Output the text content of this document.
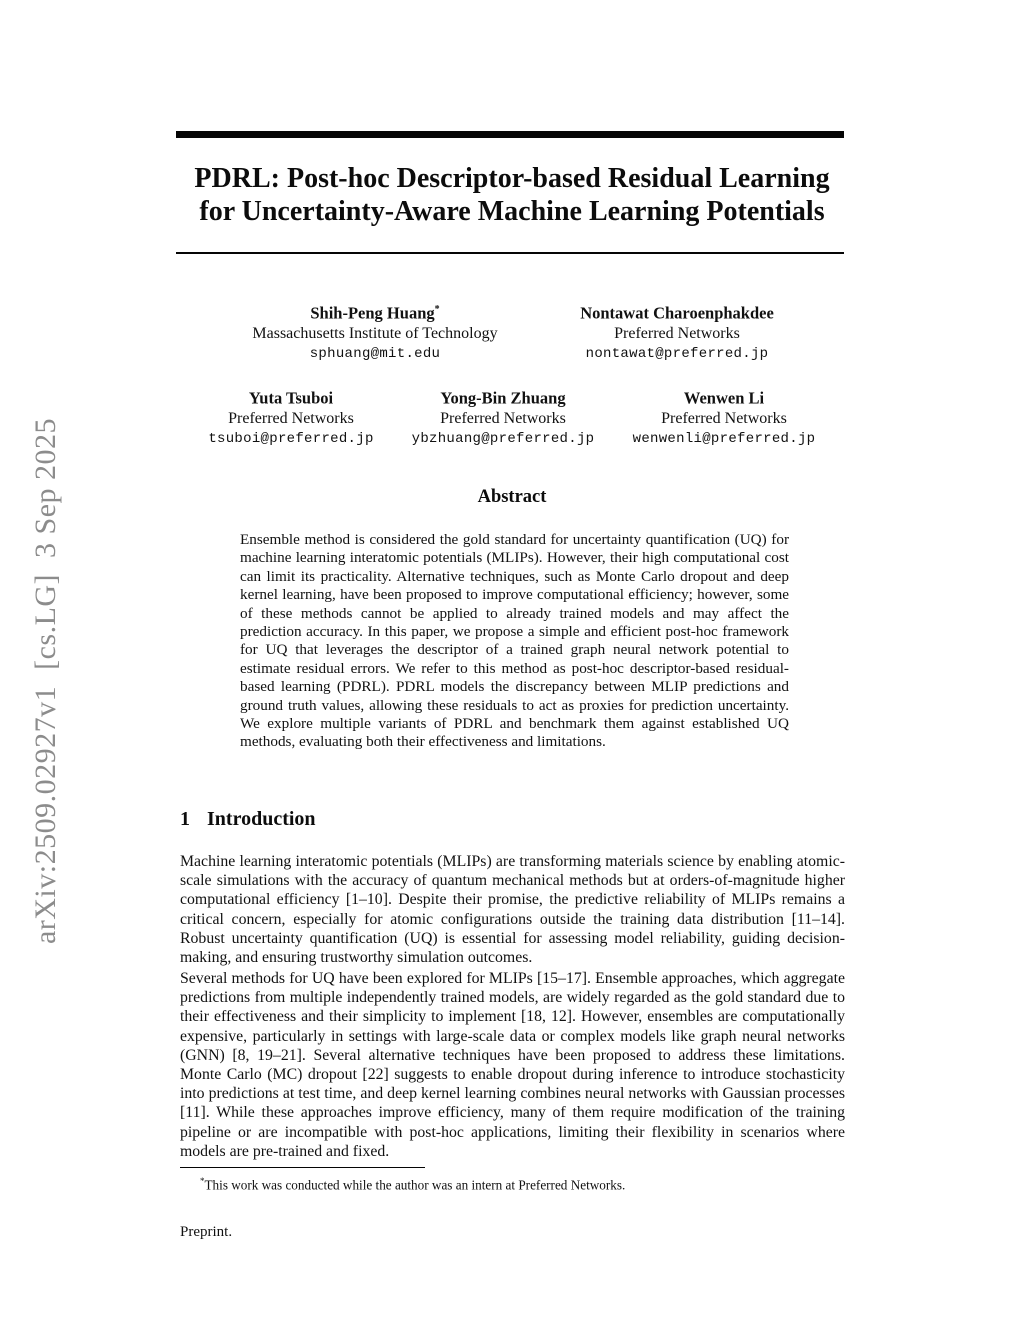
arXiv:2509.02927v1  [cs.LG]  3 Sep 2025
PDRL: Post-hoc Descriptor-based Residual Learning
for Uncertainty-Aware Machine Learning Potentials
Shih-Peng Huang*
Massachusetts Institute of Technology
sphuang@mit.edu
Nontawat Charoenphakdee
Preferred Networks
nontawat@preferred.jp
Yuta Tsuboi
Preferred Networks
tsuboi@preferred.jp
Yong-Bin Zhuang
Preferred Networks
ybzhuang@preferred.jp
Wenwen Li
Preferred Networks
wenwenli@preferred.jp
Abstract

Ensemble method is considered the gold standard for uncertainty quantification (UQ) for machine learning interatomic potentials (MLIPs). However, their high computational cost can limit its practicality. Alternative techniques, such as Monte Carlo dropout and deep kernel learning, have been proposed to improve computational efficiency; however, some of these methods cannot be applied to already trained models and may affect the prediction accuracy. In this paper, we propose a simple and efficient post-hoc framework for UQ that leverages the descriptor of a trained graph neural network potential to estimate residual errors. We refer to this method as post-hoc descriptor-based residual-based learning (PDRL). PDRL models the discrepancy between MLIP predictions and ground truth values, allowing these residuals to act as proxies for prediction uncertainty. We explore multiple variants of PDRL and benchmark them against established UQ methods, evaluating both their effectiveness and limitations.

1 Introduction

Machine learning interatomic potentials (MLIPs) are transforming materials science by enabling atomic-scale simulations with the accuracy of quantum mechanical methods but at orders-of-magnitude higher computational efficiency [1–10]. Despite their promise, the predictive reliability of MLIPs remains a critical concern, especially for atomic configurations outside the training data distribution [11–14]. Robust uncertainty quantification (UQ) is essential for assessing model reliability, guiding decision-making, and ensuring trustworthy simulation outcomes.

Several methods for UQ have been explored for MLIPs [15–17]. Ensemble approaches, which aggregate predictions from multiple independently trained models, are widely regarded as the gold standard due to their effectiveness and their simplicity to implement [18, 12]. However, ensembles are computationally expensive, particularly in settings with large-scale data or complex models like graph neural networks (GNN) [8, 19–21]. Several alternative techniques have been proposed to address these limitations. Monte Carlo (MC) dropout [22] suggests to enable dropout during inference to introduce stochasticity into predictions at test time, and deep kernel learning combines neural networks with Gaussian processes [11]. While these approaches improve efficiency, many of them require modification of the training pipeline or are incompatible with post-hoc applications, limiting their flexibility in scenarios where models are pre-trained and fixed.

*This work was conducted while the author was an intern at Preferred Networks.

Preprint.
